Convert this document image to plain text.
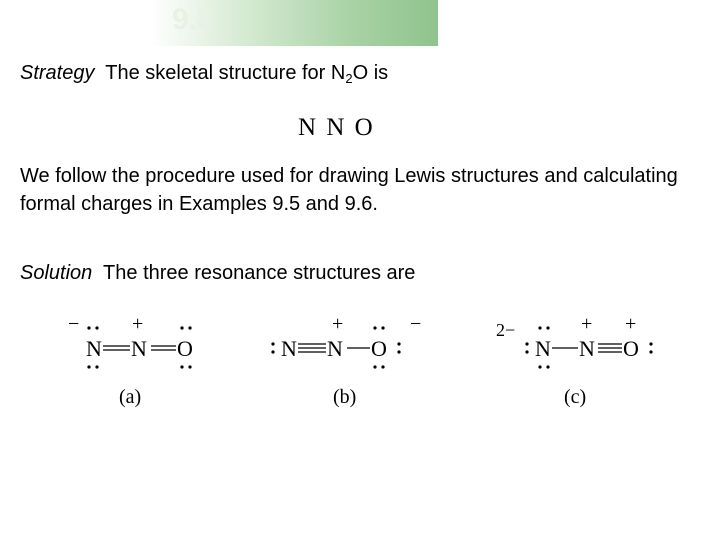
9.8
Strategy The skeletal structure for $N_2O$ is
N N O
We follow the procedure used for drawing Lewis structures and calculating formal charges in Examples 9.5 and 9.6.
Solution The three resonance structures are
−	+
N N O
(a)
+	−
N N O
(b)
2−	+ +
N N O
(c)
